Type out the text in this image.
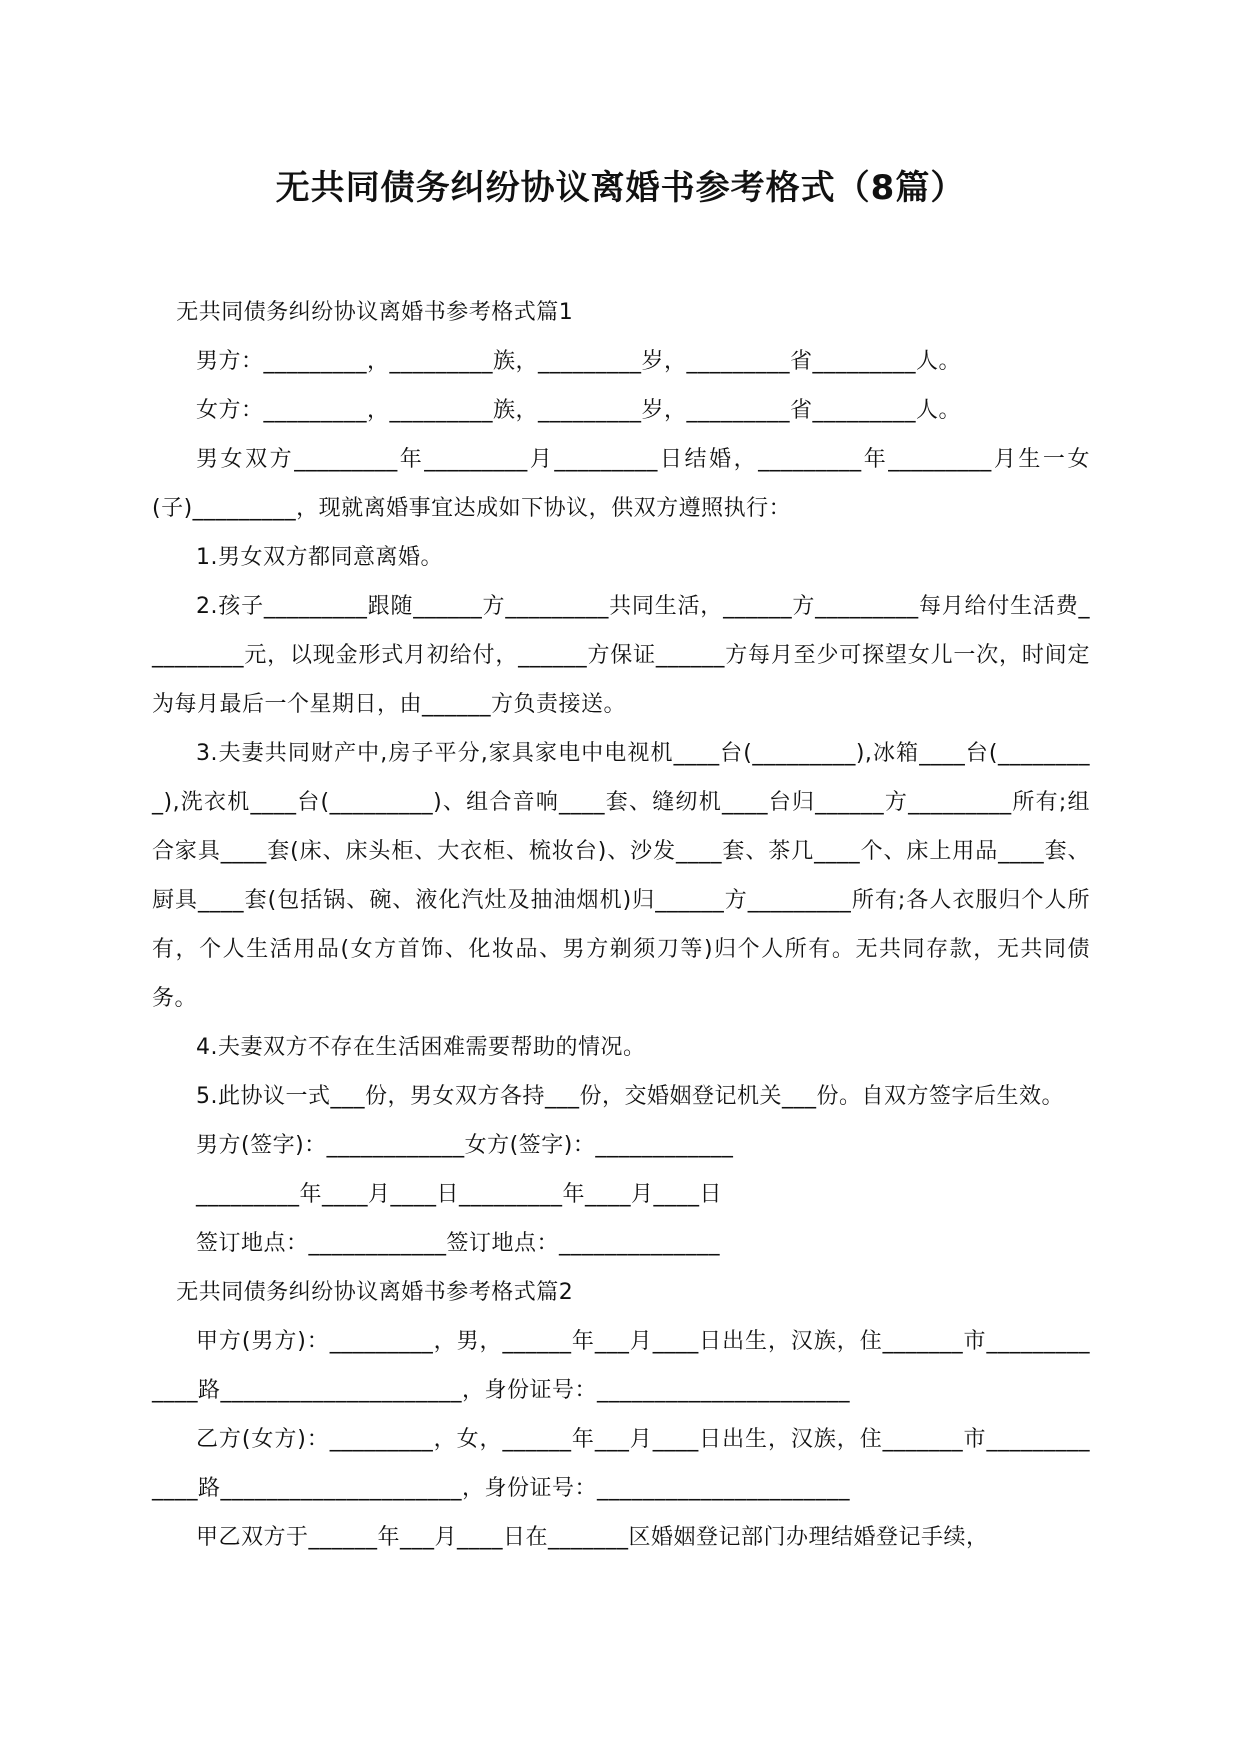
无共同债务纠纷协议离婚书参考格式（8篇）

无共同债务纠纷协议离婚书参考格式篇1

男方：_________，_________族，_________岁，_________省_________人。

女方：_________，_________族，_________岁，_________省_________人。

男女双方_________年_________月_________日结婚，_________年_________月生一女(子)_________，现就离婚事宜达成如下协议，供双方遵照执行：

1.男女双方都同意离婚。

2.孩子_________跟随______方_________共同生活，______方_________每月给付生活费_________元，以现金形式月初给付，______方保证______方每月至少可探望女儿一次，时间定为每月最后一个星期日，由______方负责接送。

3.夫妻共同财产中,房子平分,家具家电中电视机____台(_________),冰箱____台(_________),洗衣机____台(_________)、组合音响____套、缝纫机____台归______方_________所有;组合家具____套(床、床头柜、大衣柜、梳妆台)、沙发____套、茶几____个、床上用品____套、厨具____套(包括锅、碗、液化汽灶及抽油烟机)归______方_________所有;各人衣服归个人所有，个人生活用品(女方首饰、化妆品、男方剃须刀等)归个人所有。无共同存款，无共同债务。

4.夫妻双方不存在生活困难需要帮助的情况。

5.此协议一式___份，男女双方各持___份，交婚姻登记机关___份。自双方签字后生效。

男方(签字)：____________女方(签字)：____________

_________年____月____日_________年____月____日

签订地点：____________签订地点：______________

无共同债务纠纷协议离婚书参考格式篇2

甲方(男方)：_________，男，______年___月____日出生，汉族，住_______市_____________路_____________________，身份证号：______________________

乙方(女方)：_________，女，______年___月____日出生，汉族，住_______市_____________路_____________________，身份证号：______________________

甲乙双方于______年___月____日在_______区婚姻登记部门办理结婚登记手续，
